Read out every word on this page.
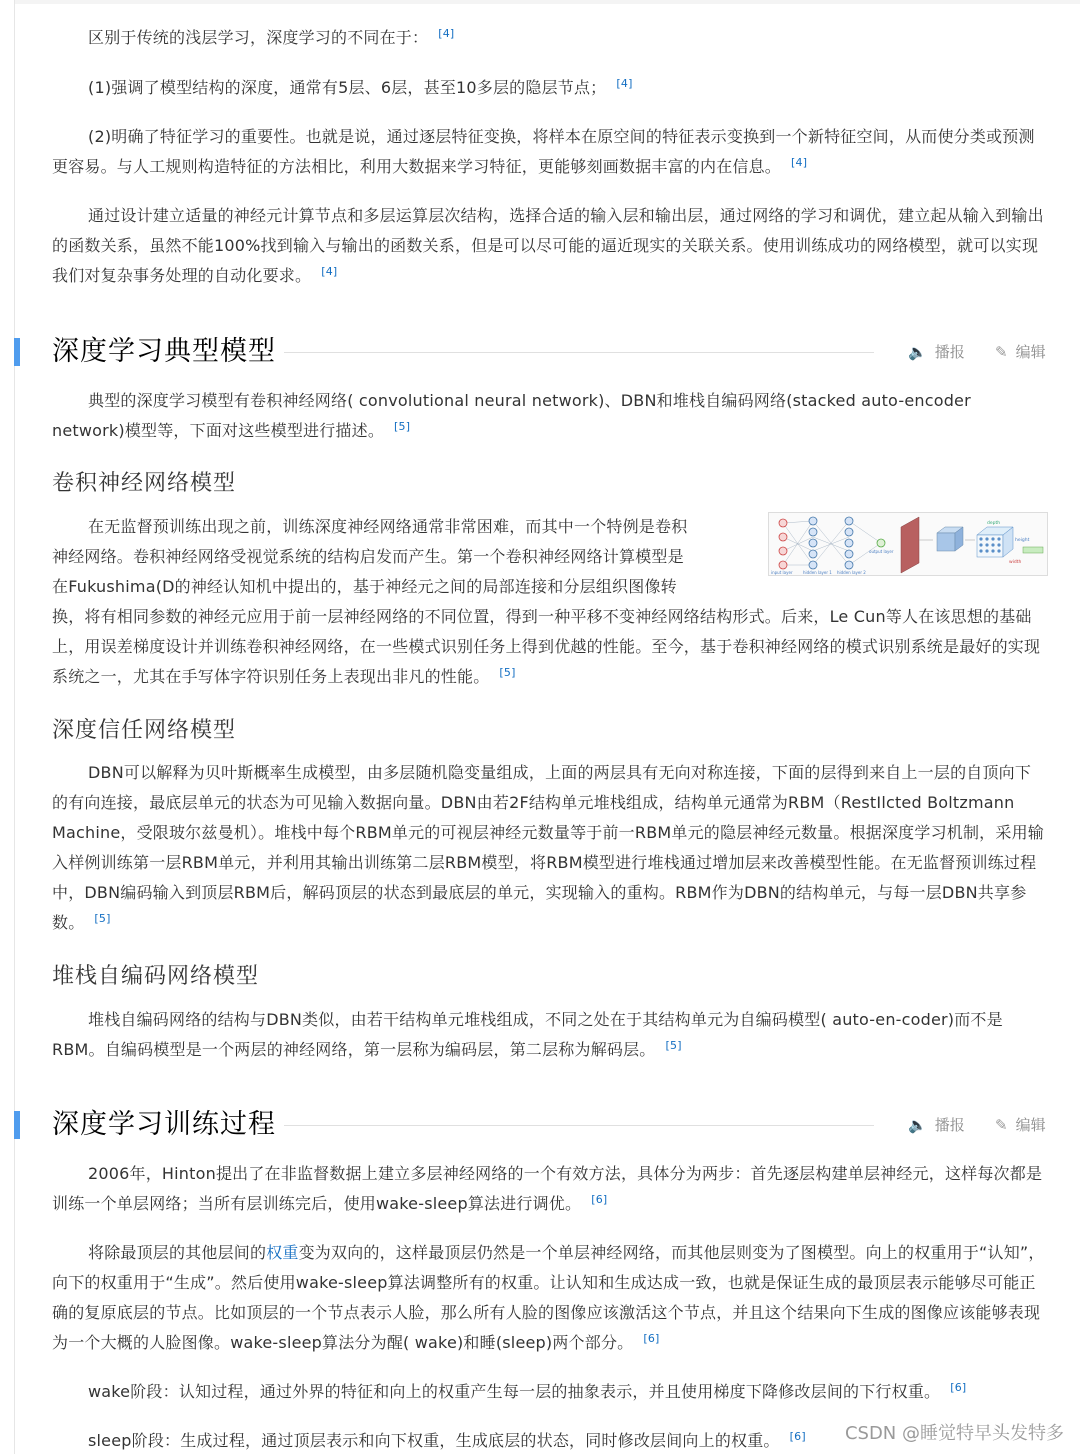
区别于传统的浅层学习，深度学习的不同在于： [4]

(1)强调了模型结构的深度，通常有5层、6层，甚至10多层的隐层节点； [4]

(2)明确了特征学习的重要性。也就是说，通过逐层特征变换，将样本在原空间的特征表示变换到一个新特征空间，从而使分类或预测更容易。与人工规则构造特征的方法相比，利用大数据来学习特征，更能够刻画数据丰富的内在信息。 [4]

通过设计建立适量的神经元计算节点和多层运算层次结构，选择合适的输入层和输出层，通过网络的学习和调优，建立起从输入到输出的函数关系，虽然不能100%找到输入与输出的函数关系，但是可以尽可能的逼近现实的关联关系。使用训练成功的网络模型，就可以实现我们对复杂事务处理的自动化要求。 [4]

深度学习典型模型	🔈 播报 ✎ 编辑

典型的深度学习模型有卷积神经网络( convolutional neural network)、DBN和堆栈自编码网络(stacked auto-encoder network)模型等，下面对这些模型进行描述。 [5]

卷积神经网络模型

在无监督预训练出现之前，训练深度神经网络通常非常困难，而其中一个特例是卷积

神经网络。卷积神经网络受视觉系统的结构启发而产生。第一个卷积神经网络计算模型是

在Fukushima(D的神经认知机中提出的，基于神经元之间的局部连接和分层组织图像转

换，将有相同参数的神经元应用于前一层神经网络的不同位置，得到一种平移不变神经网络结构形式。后来，Le Cun等人在该思想的基础上，用误差梯度设计并训练卷积神经网络，在一些模式识别任务上得到优越的性能。至今，基于卷积神经网络的模式识别系统是最好的实现系统之一，尤其在手写体字符识别任务上表现出非凡的性能。 [5]

input layer	hidden layer 1 hidden layer 2
output layer
depth
height
width
深度信任网络模型

DBN可以解释为贝叶斯概率生成模型，由多层随机隐变量组成，上面的两层具有无向对称连接，下面的层得到来自上一层的自顶向下的有向连接，最底层单元的状态为可见输入数据向量。DBN由若2F结构单元堆栈组成，结构单元通常为RBM（RestIlcted Boltzmann Machine，受限玻尔兹曼机）。堆栈中每个RBM单元的可视层神经元数量等于前一RBM单元的隐层神经元数量。根据深度学习机制，采用输入样例训练第一层RBM单元，并利用其输出训练第二层RBM模型，将RBM模型进行堆栈通过增加层来改善模型性能。在无监督预训练过程中，DBN编码输入到顶层RBM后，解码顶层的状态到最底层的单元，实现输入的重构。RBM作为DBN的结构单元，与每一层DBN共享参数。 [5]

堆栈自编码网络模型

堆栈自编码网络的结构与DBN类似，由若干结构单元堆栈组成，不同之处在于其结构单元为自编码模型( auto-en-coder)而不是RBM。自编码模型是一个两层的神经网络，第一层称为编码层，第二层称为解码层。 [5]

深度学习训练过程	🔈 播报 ✎ 编辑

2006年，Hinton提出了在非监督数据上建立多层神经网络的一个有效方法，具体分为两步：首先逐层构建单层神经元，这样每次都是训练一个单层网络；当所有层训练完后，使用wake-sleep算法进行调优。 [6]

将除最顶层的其他层间的权重变为双向的，这样最顶层仍然是一个单层神经网络，而其他层则变为了图模型。向上的权重用于“认知”，向下的权重用于“生成”。然后使用wake-sleep算法调整所有的权重。让认知和生成达成一致，也就是保证生成的最顶层表示能够尽可能正确的复原底层的节点。比如顶层的一个节点表示人脸，那么所有人脸的图像应该激活这个节点，并且这个结果向下生成的图像应该能够表现为一个大概的人脸图像。wake-sleep算法分为醒( wake)和睡(sleep)两个部分。 [6]

wake阶段：认知过程，通过外界的特征和向上的权重产生每一层的抽象表示，并且使用梯度下降修改层间的下行权重。 [6]

sleep阶段：生成过程，通过顶层表示和向下权重，生成底层的状态，同时修改层间向上的权重。 [6]	CSDN @睡觉特早头发特多
